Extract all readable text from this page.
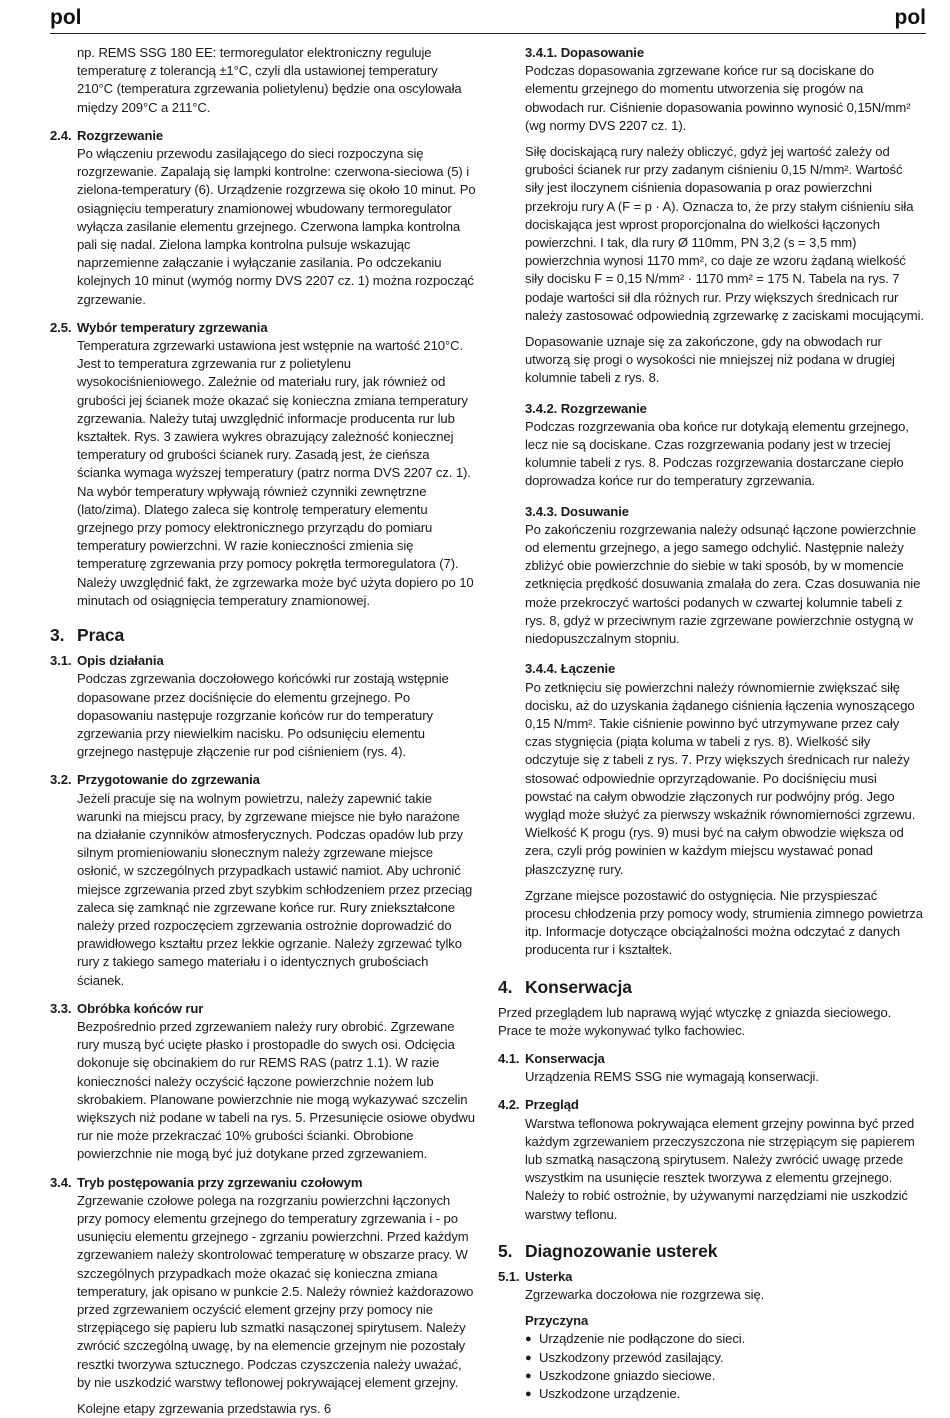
pol	pol

np. REMS SSG 180 EE: termoregulator elektroniczny reguluje temperaturę z tolerancją ±1°C, czyli dla ustawionej temperatury 210°C (temperatura zgrzewania polietylenu) będzie ona oscylowała między 209°C a 211°C.

2.4. Rozgrzewanie

Po włączeniu przewodu zasilającego do sieci rozpoczyna się rozgrzewanie. Zapalają się lampki kontrolne: czerwona-sieciowa (5) i zielona-temperatury (6). Urządzenie rozgrzewa się około 10 minut. Po osiągnięciu temperatury znamionowej wbudowany termoregulator wyłącza zasilanie elementu grzejnego. Czerwona lampka kontrolna pali się nadal. Zielona lampka kontrolna pulsuje wskazując naprzemienne załączanie i wyłączanie zasilania. Po odczekaniu kolejnych 10 minut (wymóg normy DVS 2207 cz. 1) można rozpocząć zgrzewanie.

2.5. Wybór temperatury zgrzewania

Temperatura zgrzewarki ustawiona jest wstępnie na wartość 210°C. Jest to temperatura zgrzewania rur z polietylenu wysokociśnieniowego. Zależnie od materiału rury, jak również od grubości jej ścianek może okazać się konieczna zmiana temperatury zgrzewania. Należy tutaj uwzględnić informacje producenta rur lub kształtek. Rys. 3 zawiera wykres obrazujący zależność koniecznej temperatury od grubości ścianek rury. Zasadą jest, że cieńsza ścianka wymaga wyższej temperatury (patrz norma DVS 2207 cz. 1). Na wybór temperatury wpływają również czynniki zewnętrzne (lato/zima). Dlatego zaleca się kontrolę temperatury elementu grzejnego przy pomocy elektronicznego przyrządu do pomiaru temperatury powierzchni. W razie konieczności zmienia się temperaturę zgrzewania przy pomocy pokrętła termoregulatora (7). Należy uwzględnić fakt, że zgrzewarka może być użyta dopiero po 10 minutach od osiągnięcia temperatury znamionowej.

3. Praca
3.1. Opis działania

Podczas zgrzewania doczołowego końcówki rur zostają wstępnie dopasowane przez dociśnięcie do elementu grzejnego. Po dopasowaniu następuje rozgrzanie końców rur do temperatury zgrzewania przy niewielkim nacisku. Po odsunięciu elementu grzejnego następuje złączenie rur pod ciśnieniem (rys. 4).

3.2. Przygotowanie do zgrzewania

Jeżeli pracuje się na wolnym powietrzu, należy zapewnić takie warunki na miejscu pracy, by zgrzewane miejsce nie było narażone na działanie czynników atmosferycznych. Podczas opadów lub przy silnym promieniowaniu słonecznym należy zgrzewane miejsce osłonić, w szczególnych przypadkach ustawić namiot. Aby uchronić miejsce zgrzewania przed zbyt szybkim schłodzeniem przez przeciąg zaleca się zamknąć nie zgrzewane końce rur. Rury zniekształcone należy przed rozpoczęciem zgrzewania ostrożnie doprowadzić do prawidłowego kształtu przez lekkie ogrzanie. Należy zgrzewać tylko rury z takiego samego materiału i o identycznych grubościach ścianek.

3.3. Obróbka końców rur

Bezpośrednio przed zgrzewaniem należy rury obrobić. Zgrzewane rury muszą być ucięte płasko i prostopadle do swych osi. Odcięcia dokonuje się obcinakiem do rur REMS RAS (patrz 1.1). W razie konieczności należy oczyścić łączone powierzchnie nożem lub skrobakiem. Planowane powierzchnie nie mogą wykazywać szczelin większych niż podane w tabeli na rys. 5. Przesunięcie osiowe obydwu rur nie może przekraczać 10% grubości ścianki. Obrobione powierzchnie nie mogą być już dotykane przed zgrzewaniem.

3.4. Tryb postępowania przy zgrzewaniu czołowym

Zgrzewanie czołowe polega na rozgrzaniu powierzchni łączonych przy pomocy elementu grzejnego do temperatury zgrzewania i - po usunięciu elementu grzejnego - zgrzaniu powierzchni. Przed każdym zgrzewaniem należy skontrolować temperaturę w obszarze pracy. W szczególnych przypadkach może okazać się konieczna zmiana temperatury, jak opisano w punkcie 2.5. Należy również każdorazowo przed zgrzewaniem oczyścić element grzejny przy pomocy nie strzępiącego się papieru lub szmatki nasączonej spirytusem. Należy zwrócić szczególną uwagę, by na elemencie grzejnym nie pozostały resztki tworzywa sztucznego. Podczas czyszczenia należy uważać, by nie uszkodzić warstwy teflonowej pokrywającej element grzejny.

Kolejne etapy zgrzewania przedstawia rys. 6

3.4.1. Dopasowanie

Podczas dopasowania zgrzewane końce rur są dociskane do elementu grzejnego do momentu utworzenia się progów na obwodach rur. Ciśnienie dopasowania powinno wynosić 0,15N/mm² (wg normy DVS 2207 cz. 1).

Siłę dociskającą rury należy obliczyć, gdyż jej wartość zależy od grubości ścianek rur przy zadanym ciśnieniu 0,15 N/mm². Wartość siły jest iloczynem ciśnienia dopasowania p oraz powierzchni przekroju rury A (F = p · A). Oznacza to, że przy stałym ciśnieniu siła dociskająca jest wprost proporcjonalna do wielkości łączonych powierzchni. I tak, dla rury Ø 110mm, PN 3,2 (s = 3,5 mm) powierzchnia wynosi 1170 mm², co daje ze wzoru żądaną wielkość siły docisku F = 0,15 N/mm² · 1170 mm² = 175 N. Tabela na rys. 7 podaje wartości sił dla różnych rur. Przy większych średnicach rur należy zastosować odpowiednią zgrzewarkę z zaciskami mocującymi.

Dopasowanie uznaje się za zakończone, gdy na obwodach rur utworzą się progi o wysokości nie mniejszej niż podana w drugiej kolumnie tabeli z rys. 8.

3.4.2. Rozgrzewanie

Podczas rozgrzewania oba końce rur dotykają elementu grzejnego, lecz nie są dociskane. Czas rozgrzewania podany jest w trzeciej kolumnie tabeli z rys. 8. Podczas rozgrzewania dostarczane ciepło doprowadza końce rur do temperatury zgrzewania.

3.4.3. Dosuwanie

Po zakończeniu rozgrzewania należy odsunąć łączone powierzchnie od elementu grzejnego, a jego samego odchylić. Następnie należy zbliżyć obie powierzchnie do siebie w taki sposób, by w momencie zetknięcia prędkość dosuwania zmalała do zera. Czas dosuwania nie może przekroczyć wartości podanych w czwartej kolumnie tabeli z rys. 8, gdyż w przeciwnym razie zgrzewane powierzchnie ostygną w niedopuszczalnym stopniu.

3.4.4. Łączenie

Po zetknięciu się powierzchni należy równomiernie zwiększać siłę docisku, aż do uzyskania żądanego ciśnienia łączenia wynoszącego 0,15 N/mm². Takie ciśnienie powinno być utrzymywane przez cały czas stygnięcia (piąta koluma w tabeli z rys. 8). Wielkość siły odczytuje się z tabeli z rys. 7. Przy większych średnicach rur należy stosować odpowiednie oprzyrządowanie. Po dociśnięciu musi powstać na całym obwodzie złączonych rur podwójny próg. Jego wygląd może służyć za pierwszy wskaźnik równomierności zgrzewu. Wielkość K progu (rys. 9) musi być na całym obwodzie większa od zera, czyli próg powinien w każdym miejscu wystawać ponad płaszczyznę rury.

Zgrzane miejsce pozostawić do ostygnięcia. Nie przyspieszać procesu chłodzenia przy pomocy wody, strumienia zimnego powietrza itp. Informacje dotyczące obciążalności można odczytać z danych producenta rur i kształtek.

4. Konserwacja

Przed przeglądem lub naprawą wyjąć wtyczkę z gniazda sieciowego. Prace te może wykonywać tylko fachowiec.

4.1. Konserwacja

Urządzenia REMS SSG nie wymagają konserwacji.

4.2. Przegląd

Warstwa teflonowa pokrywająca element grzejny powinna być przed każdym zgrzewaniem przeczyszczona nie strzępiącym się papierem lub szmatką nasączoną spirytusem. Należy zwrócić uwagę przede wszystkim na usunięcie resztek tworzywa z elementu grzejnego. Należy to robić ostrożnie, by używanymi narzędziami nie uszkodzić warstwy teflonu.

5. Diagnozowanie usterek
5.1. Usterka

Zgrzewarka doczołowa nie rozgrzewa się.

Przyczyna
● Urządzenie nie podłączone do sieci.
● Uszkodzony przewód zasilający.
● Uszkodzone gniazdo sieciowe.
● Uszkodzone urządzenie.
